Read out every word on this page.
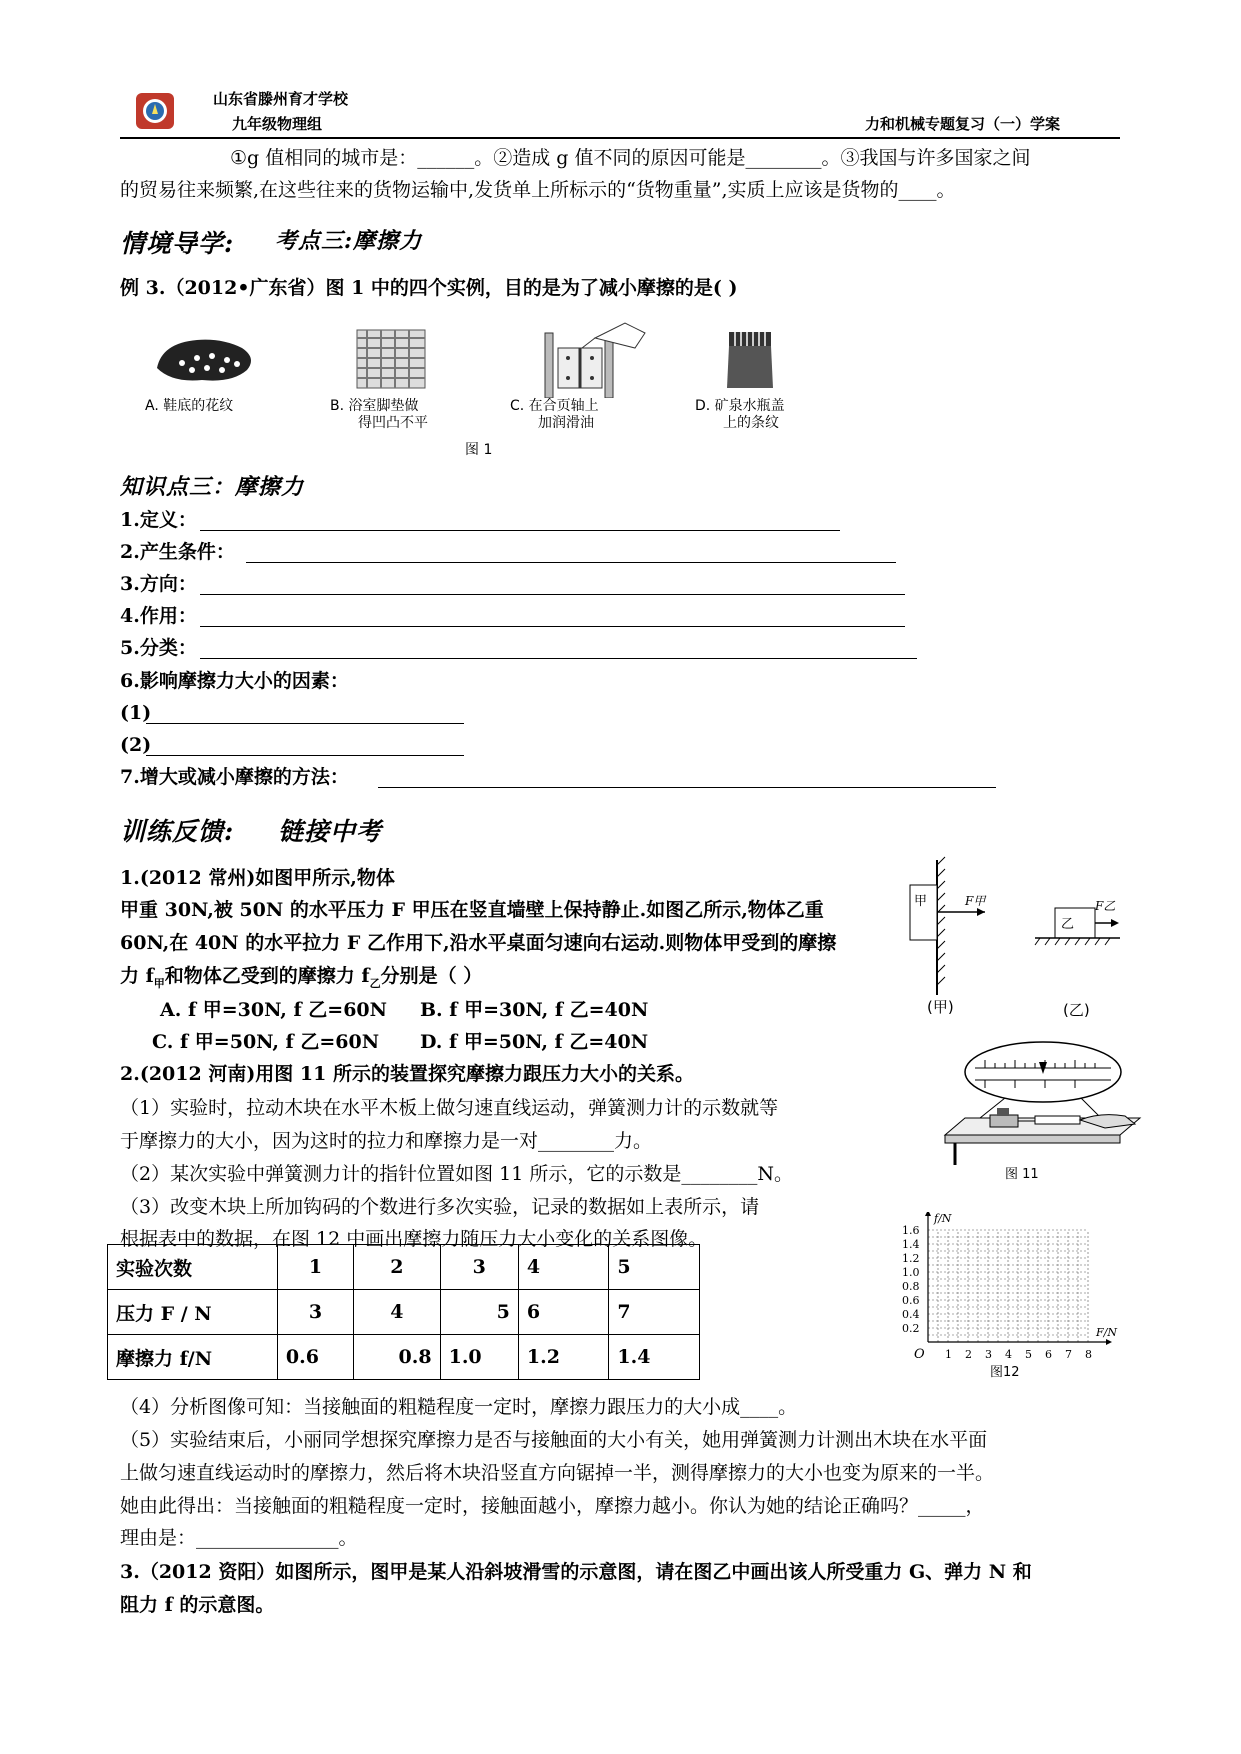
山东省滕州育才学校
九年级物理组	力和机械专题复习（一）学案
①g 值相同的城市是：______。②造成 g 值不同的原因可能是________。③我国与许多国家之间
的贸易往来频繁,在这些往来的货物运输中,发货单上所标示的“货物重量”,实质上应该是货物的____。
情境导学: 考点三:摩擦力
例 3.（2012•广东省）图 1 中的四个实例，目的是为了减小摩擦的是( )
A. 鞋底的花纹	B. 浴室脚垫做
得凹凸不平
C. 在合页轴上
加润滑油
D. 矿泉水瓶盖
上的条纹
图 1
知识点三：摩擦力
1.定义：
2.产生条件：
3.方向：
4.作用：
5.分类：
6.影响摩擦力大小的因素：
(1)
(2)
7.增大或减小摩擦的方法：
训练反馈: 链接中考
1.(2012 常州)如图甲所示,物体
甲重 30N,被 50N 的水平压力 F 甲压在竖直墙壁上保持静止.如图乙所示,物体乙重
60N,在 40N 的水平拉力 F 乙作用下,沿水平桌面匀速向右运动.则物体甲受到的摩擦
力 $f_甲$和物体乙受到的摩擦力 $f_乙$分别是（ ）
A. f 甲=30N, f 乙=60N B. f 甲=30N, f 乙=40N
C. f 甲=50N, f 乙=60N D. f 甲=50N, f 乙=40N
甲	F甲
乙
F乙
(甲)	(乙)
2.(2012 河南)用图 11 所示的装置探究摩擦力跟压力大小的关系。
（1）实验时，拉动木块在水平木板上做匀速直线运动，弹簧测力计的示数就等
于摩擦力的大小，因为这时的拉力和摩擦力是一对________力。
（2）某次实验中弹簧测力计的指针位置如图 11 所示，它的示数是________N。
（3）改变木块上所加钩码的个数进行多次实验，记录的数据如上表所示，请
根据表中的数据，在图 12 中画出摩擦力随压力大小变化的关系图像。
图 11
实验次数	1	2	3	4	5
压力 F / N	3	4	5	6	7
摩擦力 f/N	0.6	0.8	1.0	1.2	1.4	1 2 3 4 5 6 7 8
0.2
0.4
0.6
0.8
1.0
1.2
1.4
1.6
O
F/N
f/N
图12
（4）分析图像可知：当接触面的粗糙程度一定时，摩擦力跟压力的大小成____。
（5）实验结束后，小丽同学想探究摩擦力是否与接触面的大小有关，她用弹簧测力计测出木块在水平面
上做匀速直线运动时的摩擦力，然后将木块沿竖直方向锯掉一半，测得摩擦力的大小也变为原来的一半。
她由此得出：当接触面的粗糙程度一定时，接触面越小，摩擦力越小。你认为她的结论正确吗？_____，
理由是：_______________。
3.（2012 资阳）如图所示，图甲是某人沿斜坡滑雪的示意图，请在图乙中画出该人所受重力 G、弹力 N 和
阻力 f 的示意图。
